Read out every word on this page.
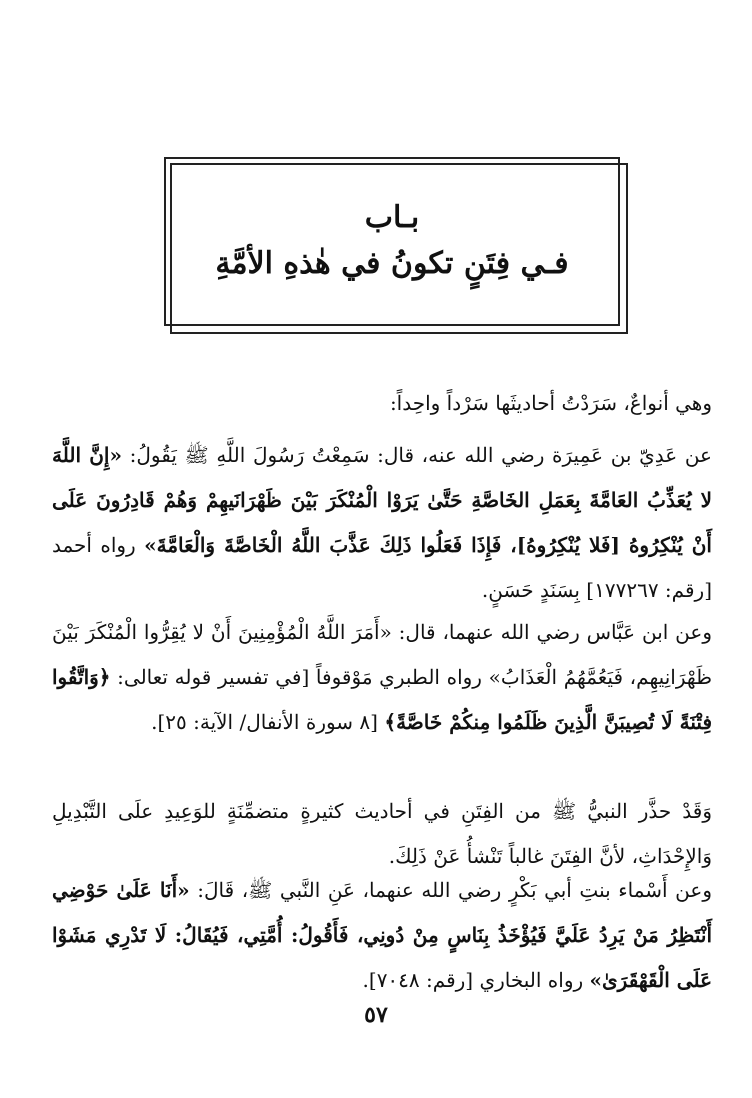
بـاب
فـي فِتَنٍ تكونُ في هٰذهِ الأمَّةِ
وهي أنواعٌ، سَرَدْتُ أحاديثَها سَرْداً واحِداً:
عن عَدِيّ بن عَمِيرَة رضي الله عنه، قال: سَمِعْتُ رَسُولَ اللَّهِ ﷺ يَقُولُ: «إِنَّ اللَّهَ لا يُعَذِّبُ العَامَّةَ بِعَمَلِ الخَاصَّةِ حَتَّىٰ يَرَوْا الْمُنْكَرَ بَيْنَ ظَهْرَانَيهِمْ وَهُمْ قَادِرُونَ عَلَى أَنْ يُنْكِرُوهُ [فَلا يُنْكِرُوهُ]، فَإِذَا فَعَلُوا ذَلِكَ عَذَّبَ اللَّهُ الْخَاصَّةَ وَالْعَامَّةَ» رواه أحمد [رقم: ١٧٧٢٦٧] بِسَنَدٍ حَسَنٍ.
وعن ابن عَبَّاس رضي الله عنهما، قال: «أَمَرَ اللَّهُ الْمُؤْمِنِينَ أَنْ لا يُقِرُّوا الْمُنْكَرَ بَيْنَ ظَهْرَانِيهِم، فَيَعُمَّهُمُ الْعَذَابُ» رواه الطبري مَوْقوفاً [في تفسير قوله تعالى: ﴿وَاتَّقُوا فِتْنَةً لَا تُصِيبَنَّ الَّذِينَ ظَلَمُوا مِنكُمْ خَاصَّةً﴾ [٨ سورة الأنفال/ الآية: ٢٥].
وَقَدْ حذَّر النبيُّ ﷺ من الفِتَنِ في أحاديث كثيرةٍ متضمِّنَةٍ للوَعِيدِ علَى التَّبْدِيلِ وَالإِحْدَاثِ، لأنَّ الفِتَنَ غالباً تَنْشأُ عَنْ ذَلِكَ.
وعن أَسْماء بنتِ أبي بَكْرٍ رضي الله عنهما، عَنِ النَّبي ﷺ، قَالَ: «أَنَا عَلَىٰ حَوْضِي أَنْتَظِرُ مَنْ يَرِدُ عَلَيَّ فَيُؤْخَذُ بِنَاسٍ مِنْ دُونِي، فَأَقُولُ: أُمَّتِي، فَيُقَالُ: لَا تَدْرِي مَشَوْا عَلَى الْقَهْقَرَىٰ» رواه البخاري [رقم: ٧٠٤٨].
٥٧
